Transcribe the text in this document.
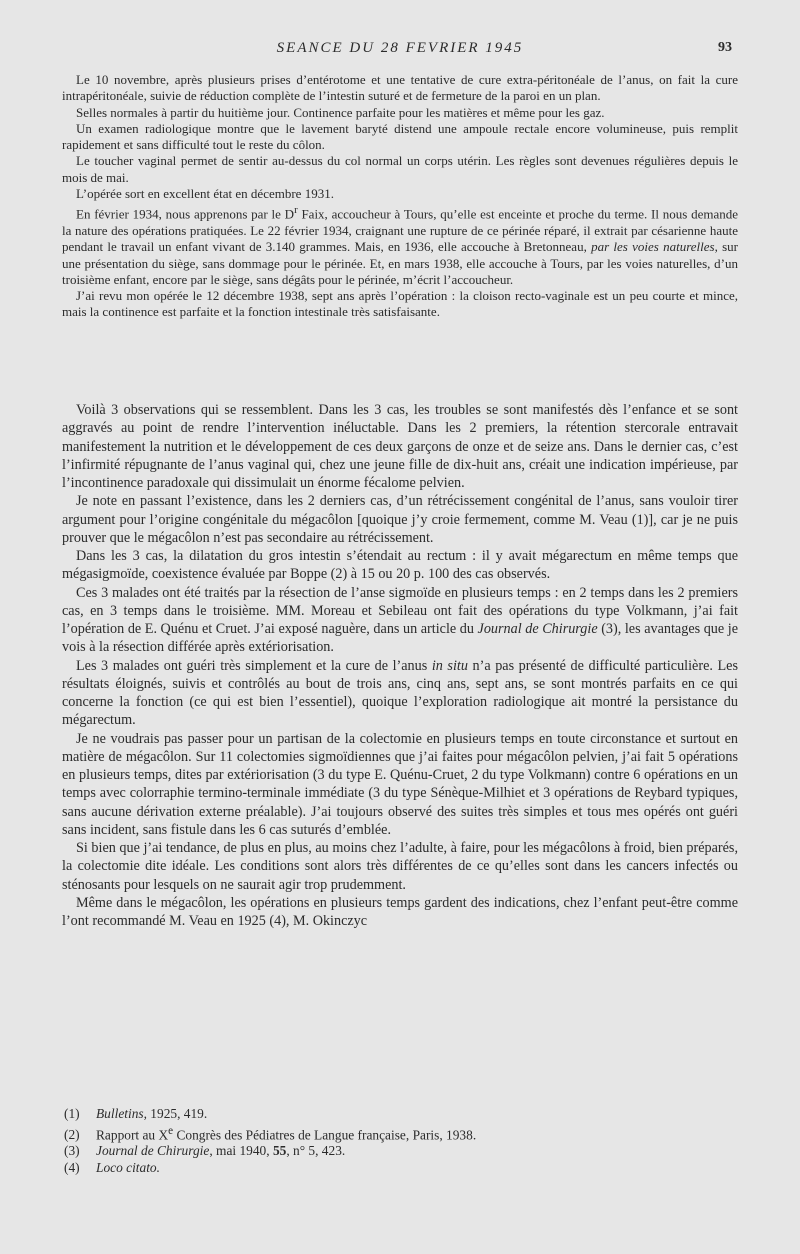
SEANCE DU 28 FEVRIER 1945	93

Le 10 novembre, après plusieurs prises d’entérotome et une tentative de cure extra-péritonéale de l’anus, on fait la cure intrapéritonéale, suivie de réduction complète de l’intestin suturé et de fermeture de la paroi en un plan.

Selles normales à partir du huitième jour. Continence parfaite pour les matières et même pour les gaz.

Un examen radiologique montre que le lavement baryté distend une ampoule rectale encore volumineuse, puis remplit rapidement et sans difficulté tout le reste du côlon.

Le toucher vaginal permet de sentir au-dessus du col normal un corps utérin. Les règles sont devenues régulières depuis le mois de mai.

L’opérée sort en excellent état en décembre 1931.

En février 1934, nous apprenons par le $D^r$ Faix, accoucheur à Tours, qu’elle est enceinte et proche du terme. Il nous demande la nature des opérations pratiquées. Le 22 février 1934, craignant une rupture de ce périnée réparé, il extrait par césarienne haute pendant le travail un enfant vivant de 3.140 grammes. Mais, en 1936, elle accouche à Bretonneau, par les voies naturelles, sur une présentation du siège, sans dommage pour le périnée. Et, en mars 1938, elle accouche à Tours, par les voies naturelles, d’un troisième enfant, encore par le siège, sans dégâts pour le périnée, m’écrit l’accoucheur.

J’ai revu mon opérée le 12 décembre 1938, sept ans après l’opération : la cloison recto-vaginale est un peu courte et mince, mais la continence est parfaite et la fonction intestinale très satisfaisante.

Voilà 3 observations qui se ressemblent. Dans les 3 cas, les troubles se sont manifestés dès l’enfance et se sont aggravés au point de rendre l’intervention inéluctable. Dans les 2 premiers, la rétention stercorale entravait manifestement la nutrition et le développement de ces deux garçons de onze et de seize ans. Dans le dernier cas, c’est l’infirmité répugnante de l’anus vaginal qui, chez une jeune fille de dix-huit ans, créait une indication impérieuse, par l’incontinence paradoxale qui dissimulait un énorme fécalome pelvien.

Je note en passant l’existence, dans les 2 derniers cas, d’un rétrécissement congénital de l’anus, sans vouloir tirer argument pour l’origine congénitale du mégacôlon [quoique j’y croie fermement, comme M. Veau (1)], car je ne puis prouver que le mégacôlon n’est pas secondaire au rétrécissement.

Dans les 3 cas, la dilatation du gros intestin s’étendait au rectum : il y avait mégarectum en même temps que mégasigmoïde, coexistence évaluée par Boppe (2) à 15 ou 20 p. 100 des cas observés.

Ces 3 malades ont été traités par la résection de l’anse sigmoïde en plusieurs temps : en 2 temps dans les 2 premiers cas, en 3 temps dans le troisième. MM. Moreau et Sebileau ont fait des opérations du type Volkmann, j’ai fait l’opération de E. Quénu et Cruet. J’ai exposé naguère, dans un article du Journal de Chirurgie (3), les avantages que je vois à la résection différée après extériorisation.

Les 3 malades ont guéri très simplement et la cure de l’anus in situ n’a pas présenté de difficulté particulière. Les résultats éloignés, suivis et contrôlés au bout de trois ans, cinq ans, sept ans, se sont montrés parfaits en ce qui concerne la fonction (ce qui est bien l’essentiel), quoique l’exploration radiologique ait montré la persistance du mégarectum.

Je ne voudrais pas passer pour un partisan de la colectomie en plusieurs temps en toute circonstance et surtout en matière de mégacôlon. Sur 11 colectomies sigmoïdiennes que j’ai faites pour mégacôlon pelvien, j’ai fait 5 opérations en plusieurs temps, dites par extériorisation (3 du type E. Quénu-Cruet, 2 du type Volkmann) contre 6 opérations en un temps avec colorraphie termino-terminale immédiate (3 du type Sénèque-Milhiet et 3 opérations de Reybard typiques, sans aucune dérivation externe préalable). J’ai toujours observé des suites très simples et tous mes opérés ont guéri sans incident, sans fistule dans les 6 cas suturés d’emblée.

Si bien que j’ai tendance, de plus en plus, au moins chez l’adulte, à faire, pour les mégacôlons à froid, bien préparés, la colectomie dite idéale. Les conditions sont alors très différentes de ce qu’elles sont dans les cancers infectés ou sténosants pour lesquels on ne saurait agir trop prudemment.

Même dans le mégacôlon, les opérations en plusieurs temps gardent des indications, chez l’enfant peut-être comme l’ont recommandé M. Veau en 1925 (4), M. Okinczyc

(1) Bulletins, 1925, 419.

(2) Rapport au Xe Congrès des Pédiatres de Langue française, Paris, 1938.

(3) Journal de Chirurgie, mai 1940, 55, n° 5, 423.

(4) Loco citato.
